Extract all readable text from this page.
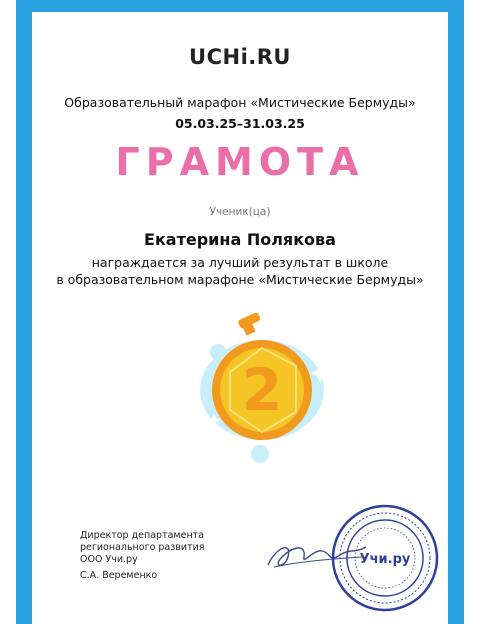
UCHi.RU
Образовательный марафон «Мистические Бермуды»
05.03.25–31.03.25
ГРАМОТА
Ученик(ца)
Екатерина Полякова
награждается за лучший результат в школе
в образовательном марафоне «Мистические Бермуды»
2
Директор департамента
регионального развития
ООО Учи.ру
С.А. Веременко
Учи.ру
